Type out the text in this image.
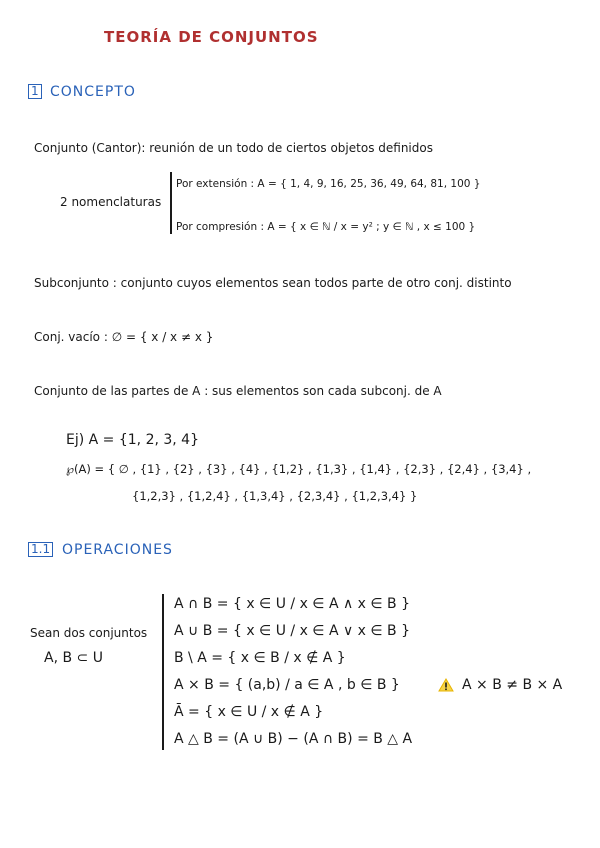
TEORÍA DE CONJUNTOS
1 CONCEPTO
Conjunto (Cantor): reunión de un todo de ciertos objetos definidos
2 nomenclaturas
Por extensión : A = { 1, 4, 9, 16, 25, 36, 49, 64, 81, 100 }
Por compresión : A = { x ∈ ℕ / x = y² ; y ∈ ℕ , x ≤ 100 }
Subconjunto : conjunto cuyos elementos sean todos parte de otro conj. distinto
Conj. vacío : ∅ = { x / x ≠ x }
Conjunto de las partes de A : sus elementos son cada subconj. de A
Ej) A = {1, 2, 3, 4}
℘(A) = { ∅ , {1} , {2} , {3} , {4} , {1,2} , {1,3} , {1,4} , {2,3} , {2,4} , {3,4} ,
{1,2,3} , {1,2,4} , {1,3,4} , {2,3,4} , {1,2,3,4} }
1.1 OPERACIONES
Sean dos conjuntos
A, B ⊂ U
A ∩ B = { x ∈ U / x ∈ A ∧ x ∈ B }
A ∪ B = { x ∈ U / x ∈ A ∨ x ∈ B }
B \ A = { x ∈ B / x ∉ A }
A × B = { (a,b) / a ∈ A , b ∈ B }
Ā = { x ∈ U / x ∉ A }
A △ B = (A ∪ B) − (A ∩ B) = B △ A
A × B ≠ B × A
